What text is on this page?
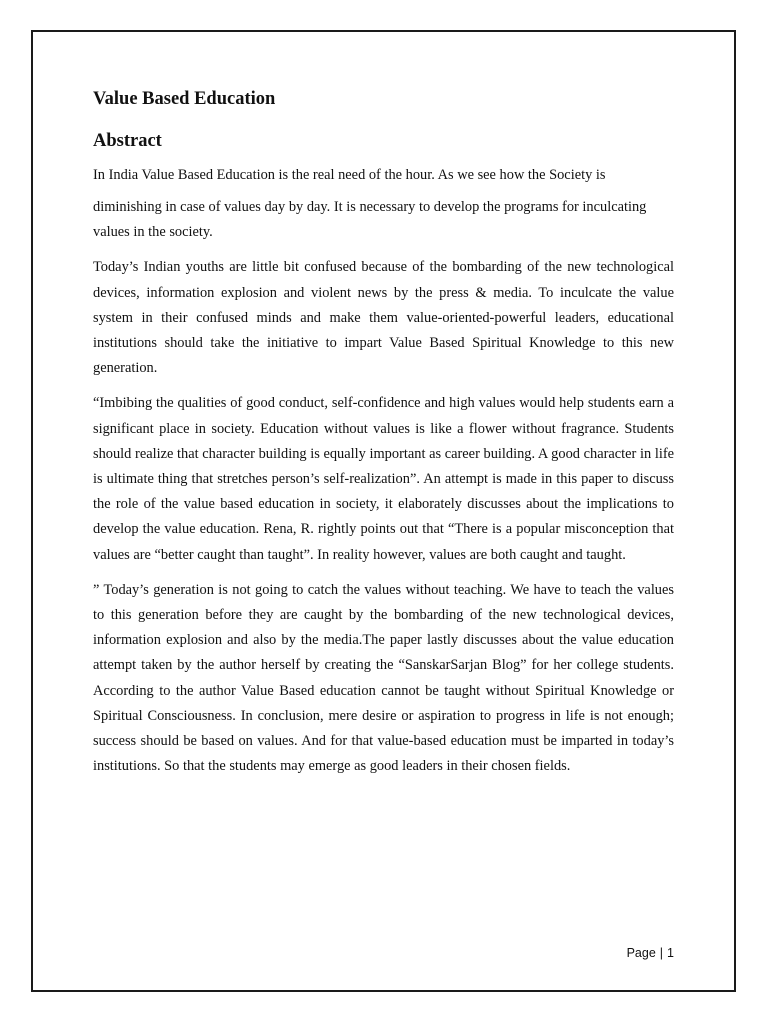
Value Based Education
Abstract

In India Value Based Education is the real need of the hour. As we see how the Society is

diminishing in case of values day by day. It is necessary to develop the programs for inculcating

values in the society.

Today’s Indian youths are little bit confused because of the bombarding of the new technological devices, information explosion and violent news by the press & media. To inculcate the value system in their confused minds and make them value-oriented-powerful leaders, educational institutions should take the initiative to impart Value Based Spiritual Knowledge to this new generation.

“Imbibing the qualities of good conduct, self-confidence and high values would help students earn a significant place in society. Education without values is like a flower without fragrance. Students should realize that character building is equally important as career building. A good character in life is ultimate thing that stretches person’s self-realization”. An attempt is made in this paper to discuss the role of the value based education in society, it elaborately discusses about the implications to develop the value education. Rena, R. rightly points out that “There is a popular misconception that values are “better caught than taught”. In reality however, values are both caught and taught.

” Today’s generation is not going to catch the values without teaching. We have to teach the values to this generation before they are caught by the bombarding of the new technological devices, information explosion and also by the media.The paper lastly discusses about the value education attempt taken by the author herself by creating the “SanskarSarjan Blog” for her college students. According to the author Value Based education cannot be taught without Spiritual Knowledge or Spiritual Consciousness. In conclusion, mere desire or aspiration to progress in life is not enough; success should be based on values. And for that value-based education must be imparted in today’s institutions. So that the students may emerge as good leaders in their chosen fields.

Page | 1
